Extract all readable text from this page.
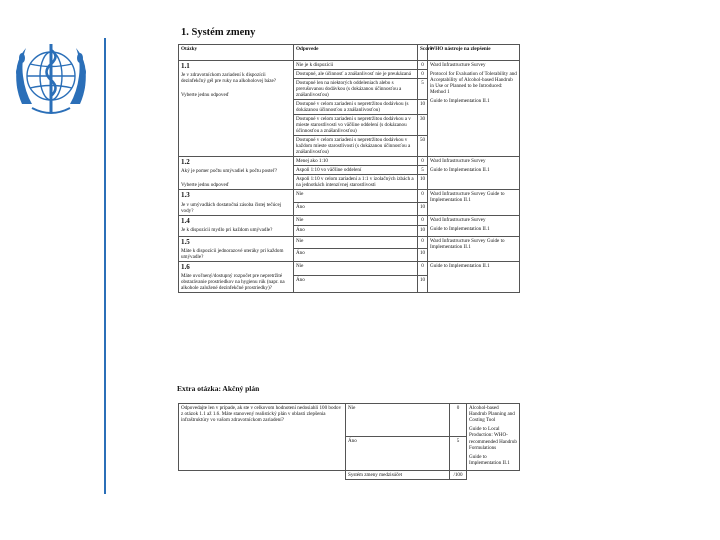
1. Systém zmeny
Otázky	Odpovede	Score	WHO nástroje na zlepšenie

1.1
Je v zdravotníckom zariadení k dispozícii dezinfekčný gél pre ruky na alkoholovej báze?
Vyberte jednu odpoveď	Nie je k dispozícii	0	Ward Infrastructure Survey
Protocol for Evaluation of Tolerability and Acceptability of Alcohol-based Handrub in Use or Planned to be Introduced: Method 1
Guide to Implementation II.1

	Dostupné, ale účinnosť a znášanlivosť nie je preukázaná	0	
	Dostupné len na niektorých oddeleniach alebo s prerušovanou dodávkou (s dokázanou účinnosťou a znášanlivosťou)	5	
	Dostupné v celom zariadení s nepretržitou dodávkou (s dokázanou účinnosťou a znášanlivosťou)	10	
	Dostupné v celom zariadení s nepretržitou dodávkou a v mieste starostlivosti vo väčšine oddelení (s dokázanou účinnosťou a znášanlivosťou)	30	
	Dostupné v celom zariadení s nepretržitou dodávkou v každom mieste starostlivosti (s dokázanou účinnosťou a znášanlivosťou)	50	

1.2
Aký je pomer počtu umývadiel k počtu posteľ?
Vyberte jednu odpoveď	Menej ako 1:10	0	Ward Infrastructure Survey
Guide to Implementation II.1

	Aspoň 1:10 vo väčšine oddelení	5	
	Aspoň 1:10 v celom zariadení a 1:1 v izolačných izbách a na jednotkách intenzívnej starostlivosti	10	

1.3
Je v umývadlách dostatočná zásoba čistej tečúcej vody?	Nie	0	Ward Infrastructure Survey Guide to Implementation II.1
	Áno	10	

1.4
Je k dispozícii mydlo pri každom umývadle?	Nie	0	Ward Infrastructure Survey
Guide to Implementation II.1

	Áno	10	

1.5
Máte k dispozícii jednorazové uteráky pri každom umývadle?	Nie	0	Ward Infrastructure Survey Guide to Implementation II.1
	Áno	10	

1.6
Máte uvoľnený/dostupný rozpočet pre nepretržité obstarávanie prostriedkov na hygienu rúk (napr. na alkohole založené dezinfekčné prostriedky)?	Nie	0	Guide to Implementation II.1
	Áno	10	
Extra otázka: Akčný plán
Odpovedajte len v prípade, ak ste v celkovom hodnotení nedosiahli 100 bodov z otázok 1.1 až 1.6. Máte stanovený realistický plán v oblasti zlepšenia infraštruktúry vo vašom zdravotníckom zariadení?	Nie	0	Alcohol-based Handrub Planning and Costing Tool
Guide to Local Production: WHO-recommended Handrub Formulations
Guide to Implementation II.1

	Áno	5	
	Systém zmeny medzisúčet	/100	
